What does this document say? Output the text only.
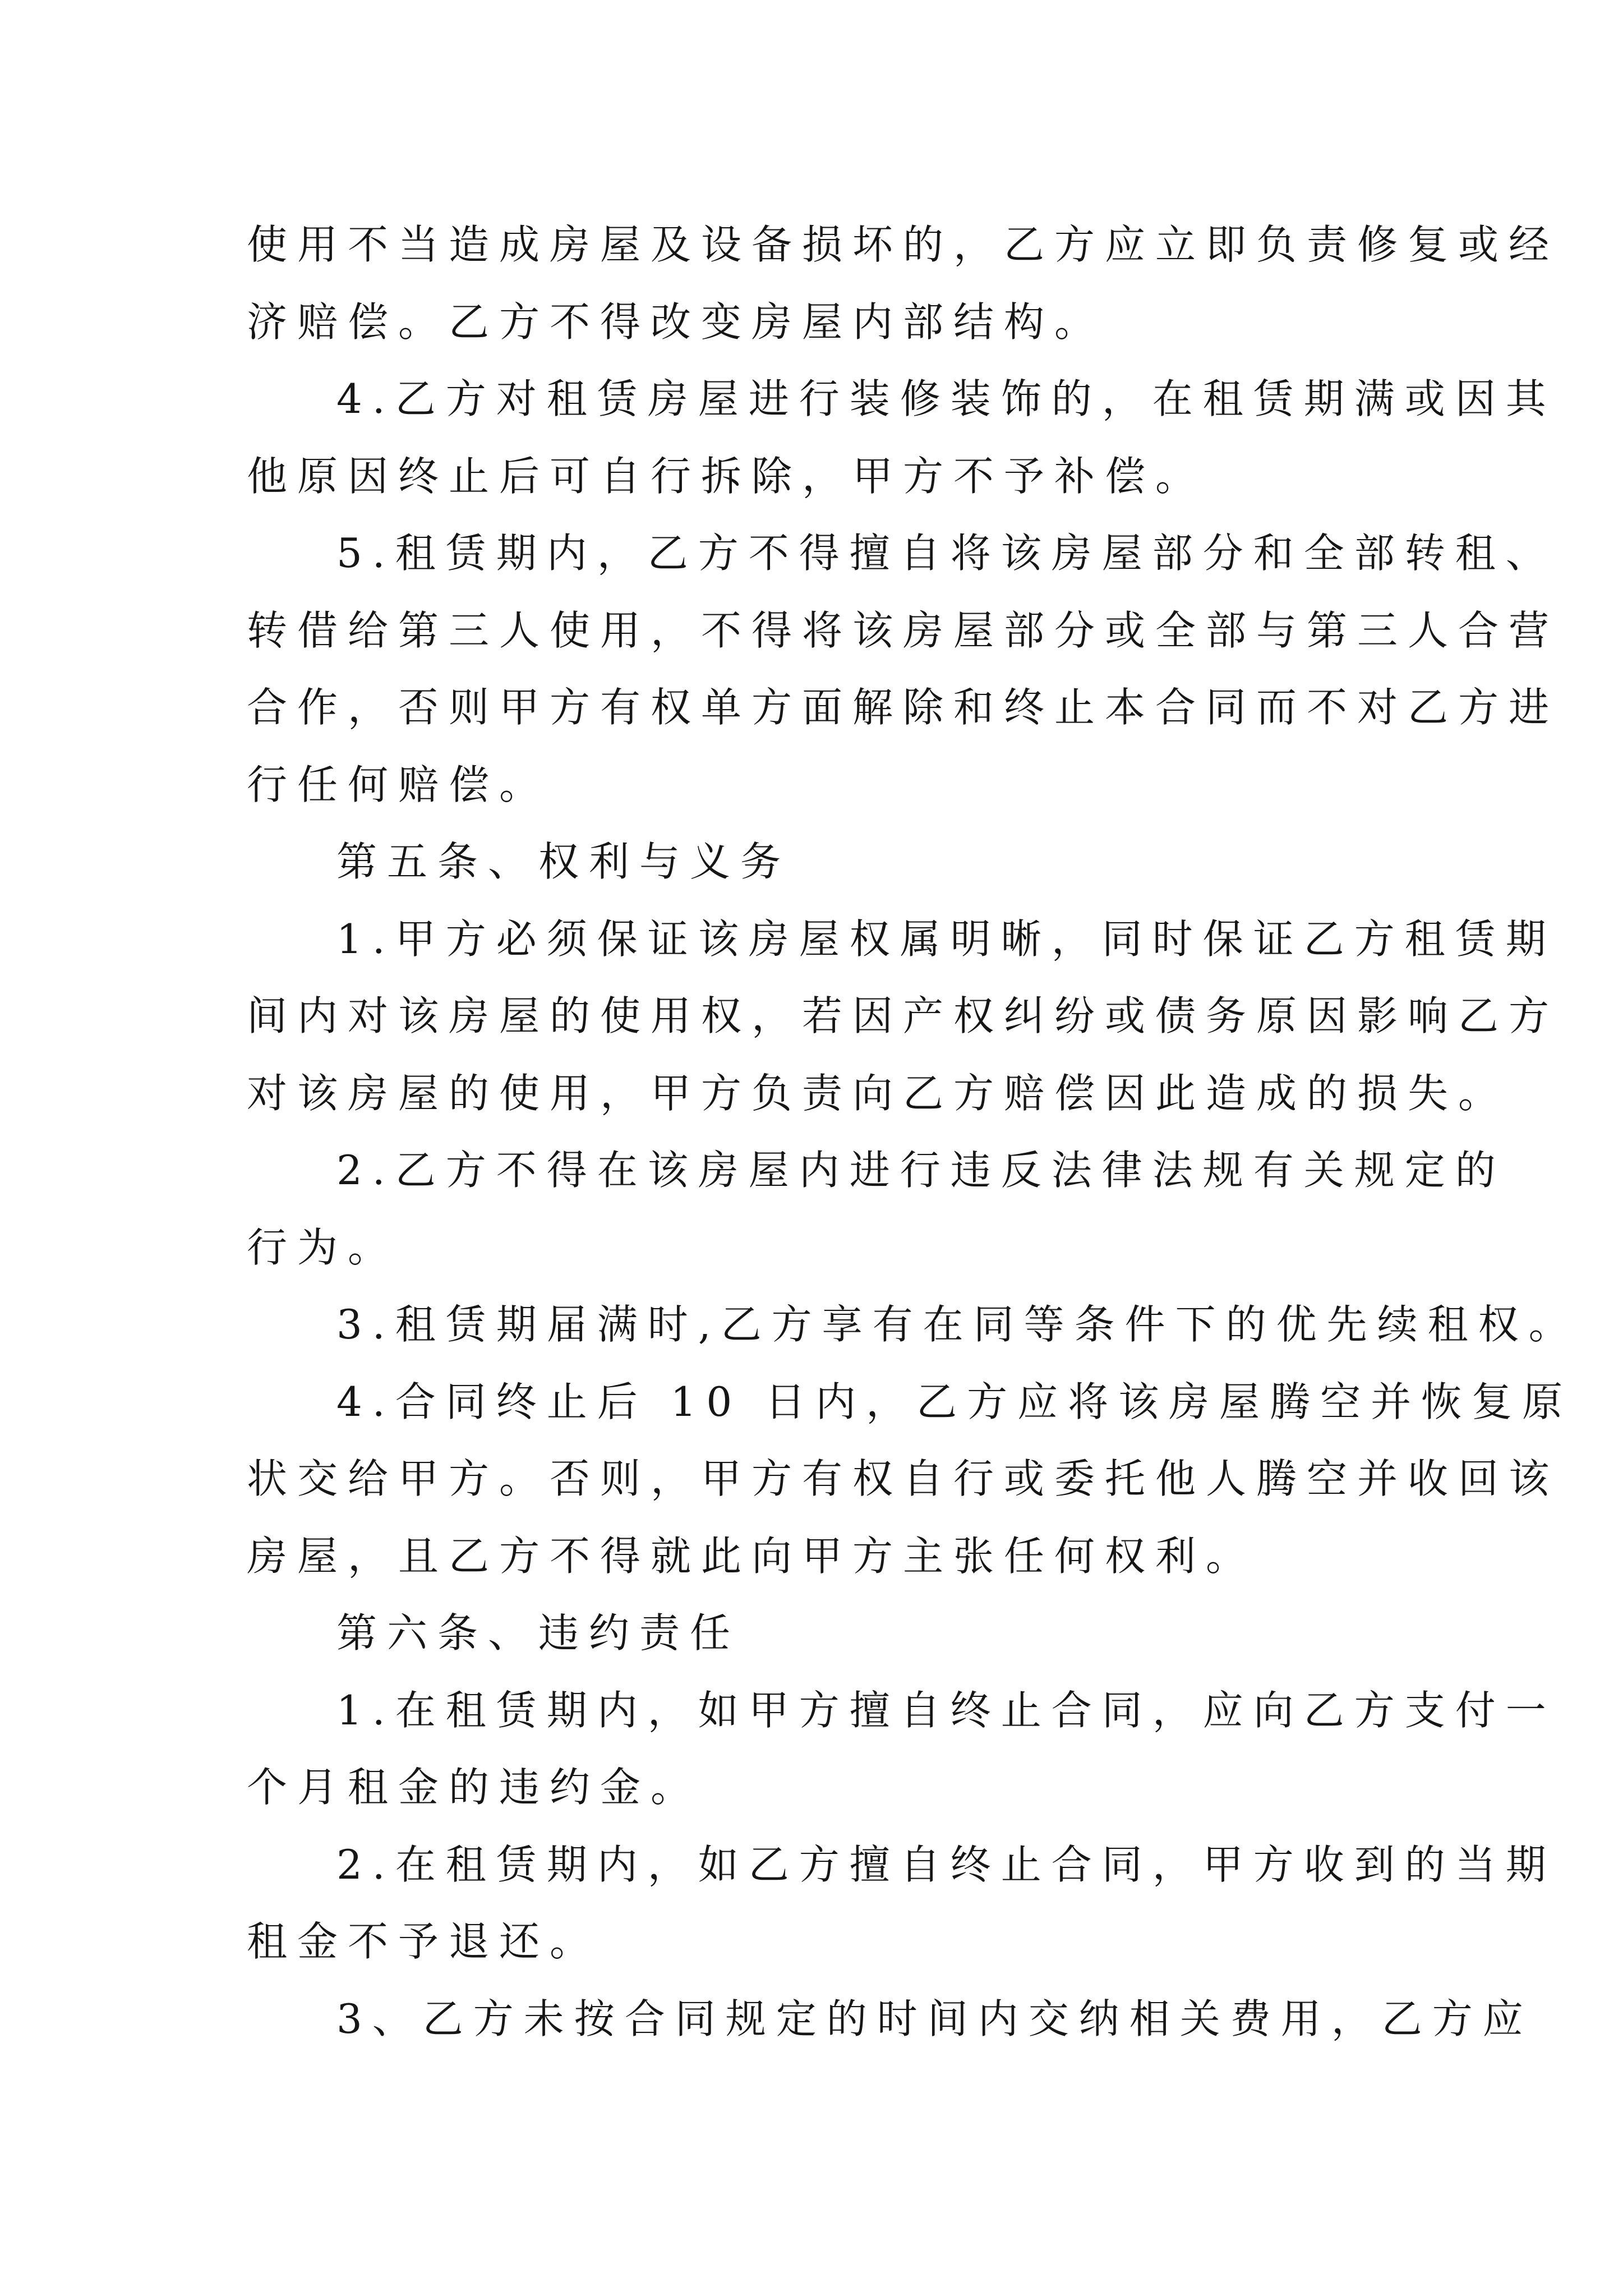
使用不当造成房屋及设备损坏的，乙方应立即负责修复或经
济赔偿。乙方不得改变房屋内部结构。
4.乙方对租赁房屋进行装修装饰的，在租赁期满或因其
他原因终止后可自行拆除，甲方不予补偿。
5.租赁期内，乙方不得擅自将该房屋部分和全部转租、
转借给第三人使用，不得将该房屋部分或全部与第三人合营
合作，否则甲方有权单方面解除和终止本合同而不对乙方进
行任何赔偿。
第五条、权利与义务
1.甲方必须保证该房屋权属明晰，同时保证乙方租赁期
间内对该房屋的使用权，若因产权纠纷或债务原因影响乙方
对该房屋的使用，甲方负责向乙方赔偿因此造成的损失。
2.乙方不得在该房屋内进行违反法律法规有关规定的
行为。
3.租赁期届满时,乙方享有在同等条件下的优先续租权。
4.合同终止后 10 日内，乙方应将该房屋腾空并恢复原
状交给甲方。否则，甲方有权自行或委托他人腾空并收回该
房屋，且乙方不得就此向甲方主张任何权利。
第六条、违约责任
1.在租赁期内，如甲方擅自终止合同，应向乙方支付一
个月租金的违约金。
2.在租赁期内，如乙方擅自终止合同，甲方收到的当期
租金不予退还。
3、乙方未按合同规定的时间内交纳相关费用，乙方应
